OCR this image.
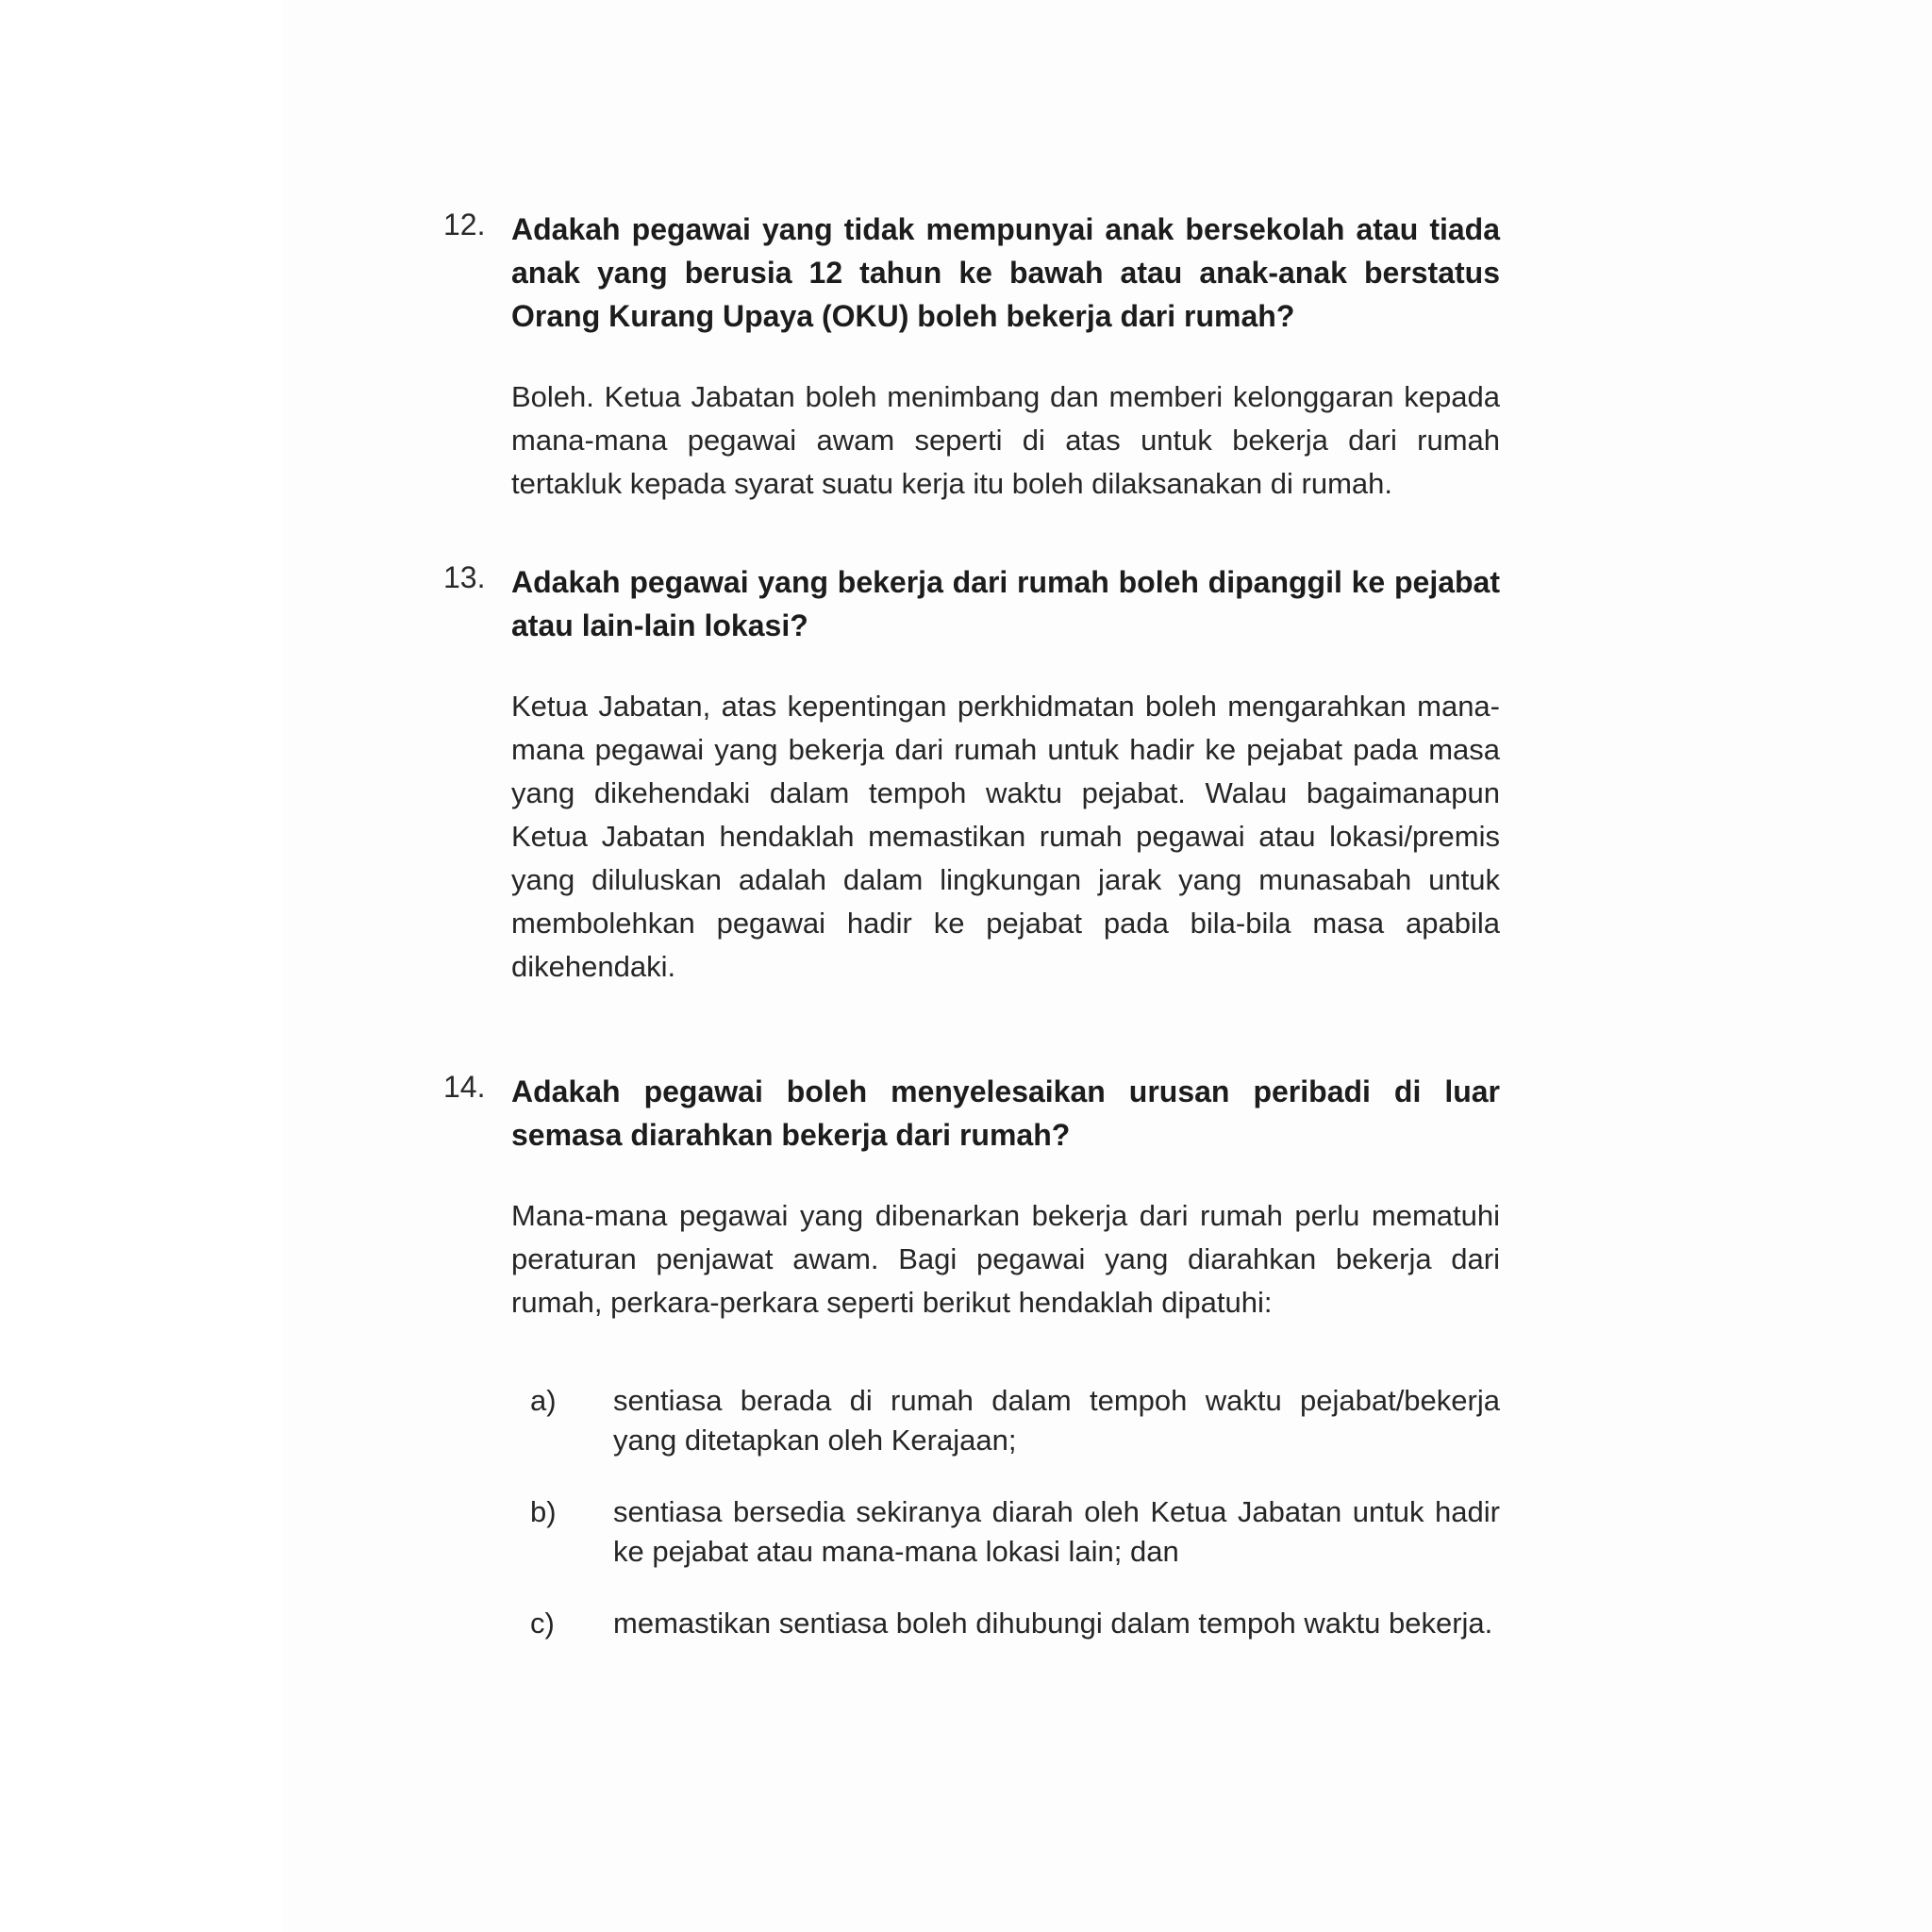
12. Adakah pegawai yang tidak mempunyai anak bersekolah atau tiada anak yang berusia 12 tahun ke bawah atau anak-anak berstatus Orang Kurang Upaya (OKU) boleh bekerja dari rumah?

Boleh. Ketua Jabatan boleh menimbang dan memberi kelonggaran kepada mana-mana pegawai awam seperti di atas untuk bekerja dari rumah tertakluk kepada syarat suatu kerja itu boleh dilaksanakan di rumah.

13. Adakah pegawai yang bekerja dari rumah boleh dipanggil ke pejabat atau lain-lain lokasi?

Ketua Jabatan, atas kepentingan perkhidmatan boleh mengarahkan mana-mana pegawai yang bekerja dari rumah untuk hadir ke pejabat pada masa yang dikehendaki dalam tempoh waktu pejabat. Walau bagaimanapun Ketua Jabatan hendaklah memastikan rumah pegawai atau lokasi/premis yang diluluskan adalah dalam lingkungan jarak yang munasabah untuk membolehkan pegawai hadir ke pejabat pada bila-bila masa apabila dikehendaki.

14. Adakah pegawai boleh menyelesaikan urusan peribadi di luar semasa diarahkan bekerja dari rumah?

Mana-mana pegawai yang dibenarkan bekerja dari rumah perlu mematuhi peraturan penjawat awam. Bagi pegawai yang diarahkan bekerja dari rumah, perkara-perkara seperti berikut hendaklah dipatuhi:

a) sentiasa berada di rumah dalam tempoh waktu pejabat/bekerja yang ditetapkan oleh Kerajaan;
b) sentiasa bersedia sekiranya diarah oleh Ketua Jabatan untuk hadir ke pejabat atau mana-mana lokasi lain; dan
c) memastikan sentiasa boleh dihubungi dalam tempoh waktu bekerja.
